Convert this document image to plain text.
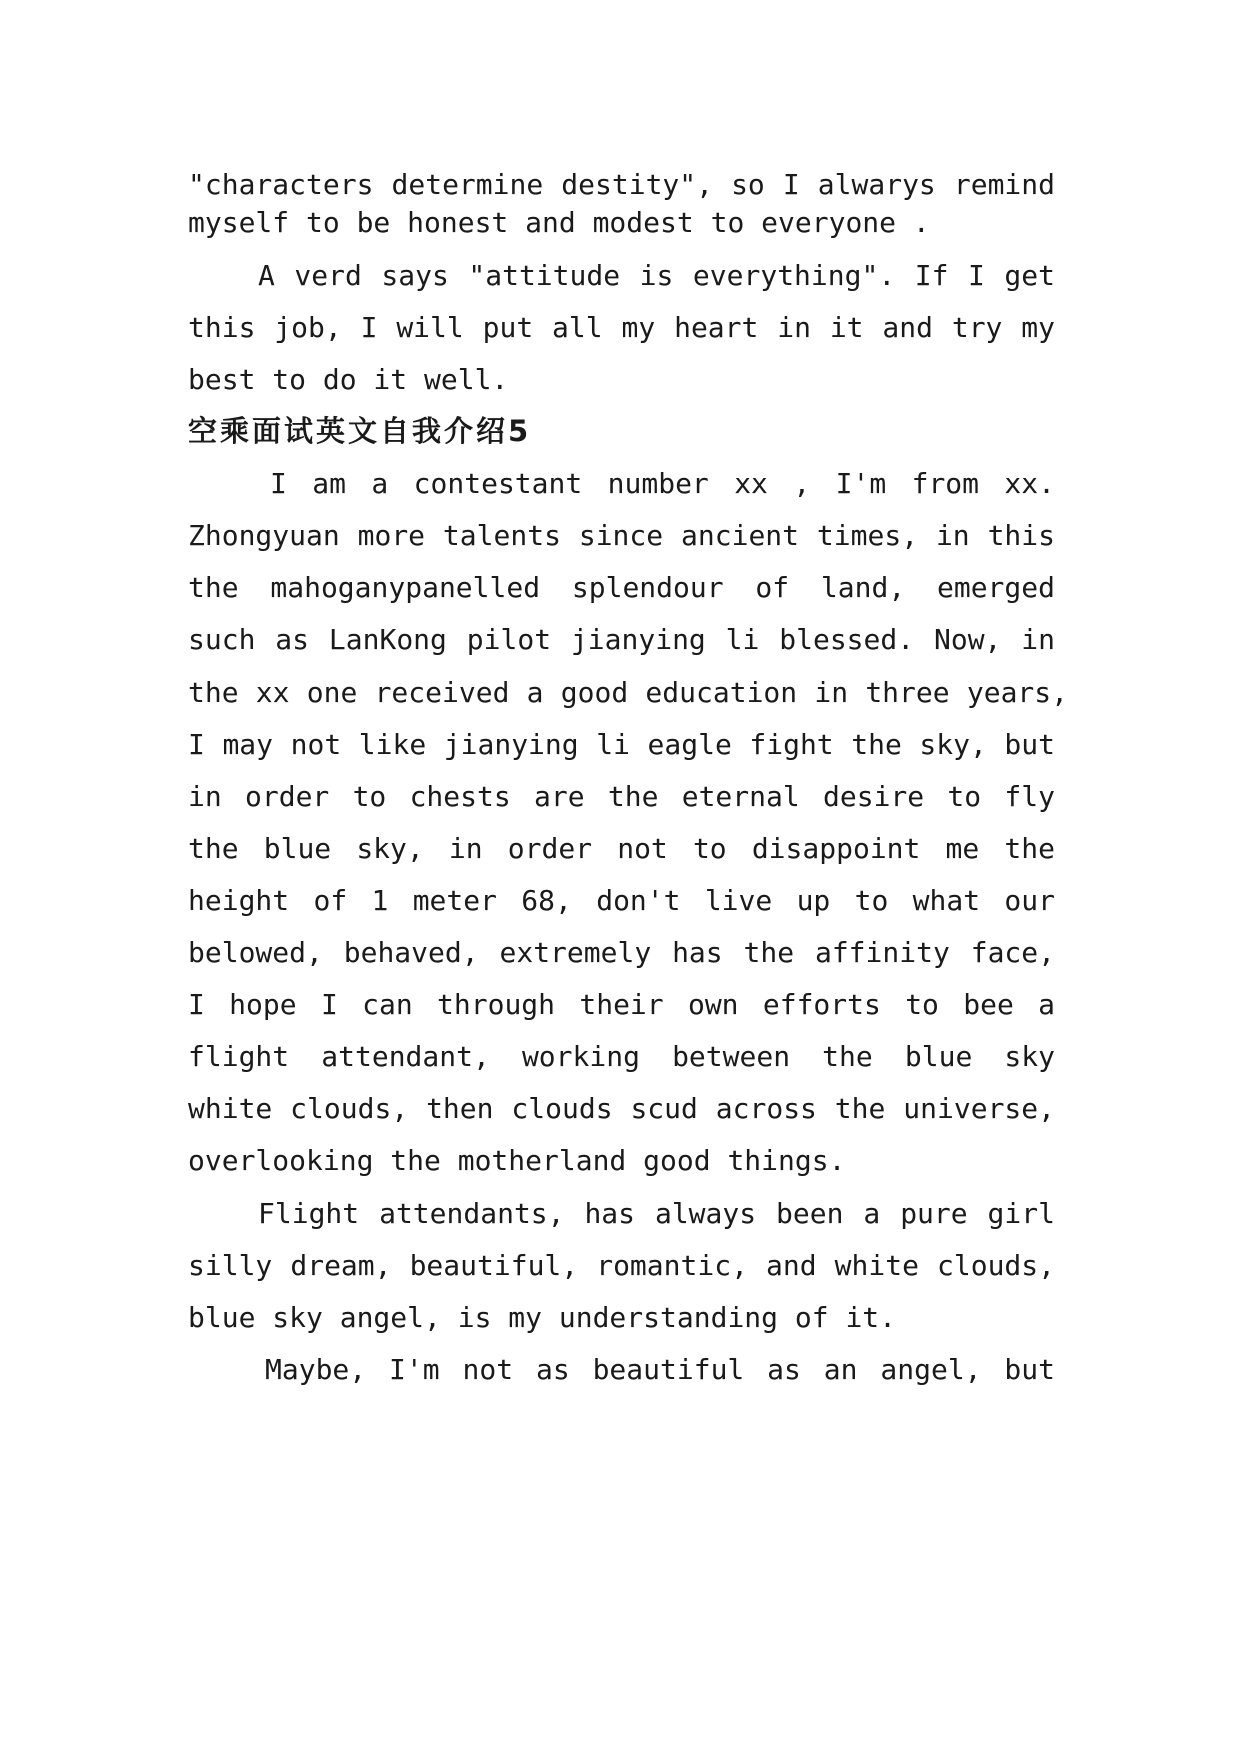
"characters determine destity", so I alwarys remind

myself to be honest and modest to everyone .

A verd says "attitude is everything". If I get

this job, I will put all my heart in it and try my

best to do it well.

空乘面试英文自我介绍5

I am a contestant number xx , I'm from xx.

Zhongyuan more talents since ancient times, in this

the mahoganypanelled splendour of land, emerged

such as LanKong pilot jianying li blessed. Now, in

the xx one received a good education in three years,

I may not like jianying li eagle fight the sky, but

in order to chests are the eternal desire to fly

the blue sky, in order not to disappoint me the

height of 1 meter 68, don't live up to what our

belowed, behaved, extremely has the affinity face,

I hope I can through their own efforts to bee a

flight attendant, working between the blue sky

white clouds, then clouds scud across the universe,

overlooking the motherland good things.

Flight attendants, has always been a pure girl

silly dream, beautiful, romantic, and white clouds,

blue sky angel, is my understanding of it.

Maybe, I'm not as beautiful as an angel, but
